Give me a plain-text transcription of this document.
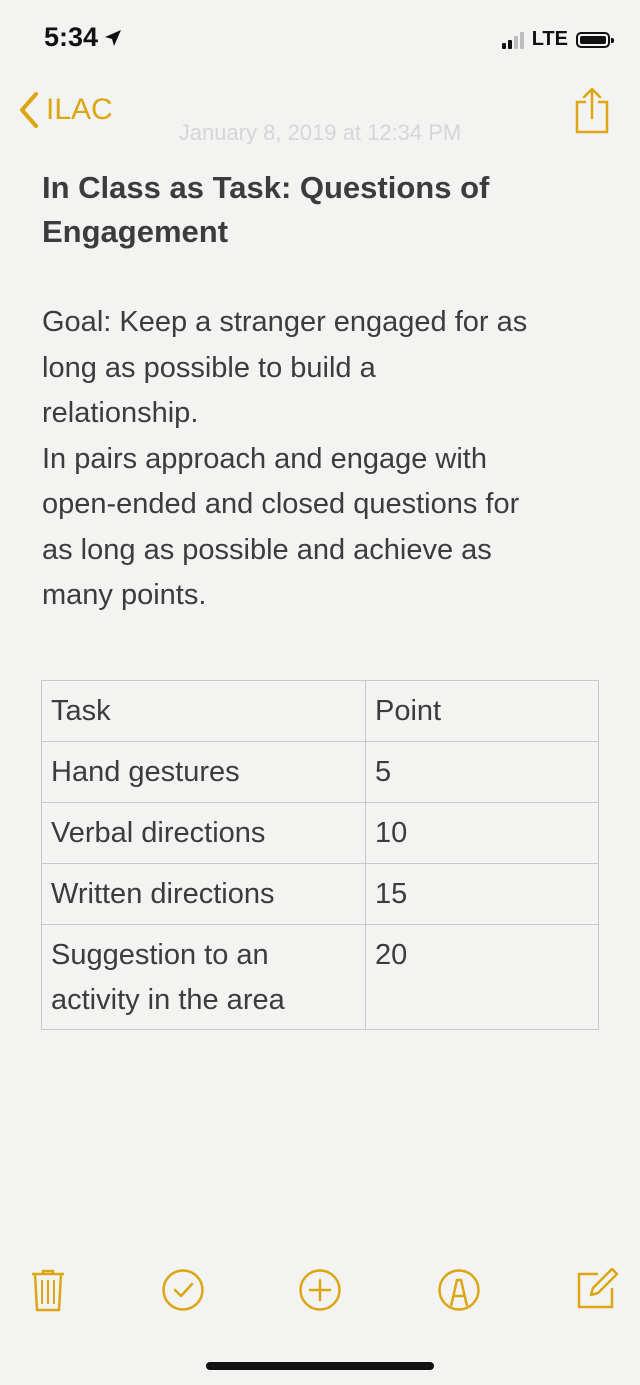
5:34	LTE
ILAC
January 8, 2019 at 12:34 PM
In Class as Task: Questions of
Engagement
Goal: Keep a stranger engaged for as
long as possible to build a
relationship.
In pairs approach and engage with
open-ended and closed questions for
as long as possible and achieve as
many points.
Task	Point
Hand gestures	5
Verbal directions	10
Written directions	15

Suggestion to an
activity in the area	20
